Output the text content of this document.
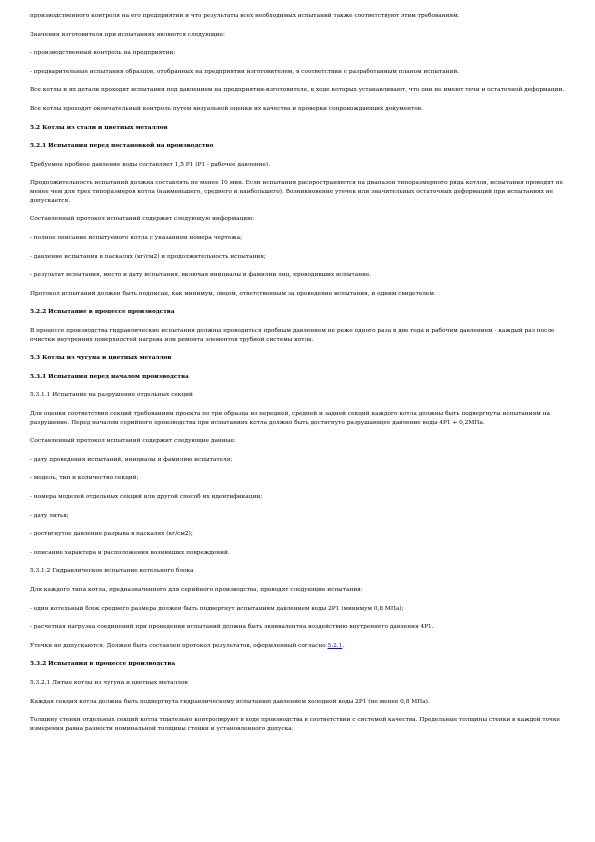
производственного контроля на его предприятии и что результаты всех необходимых испытаний также соответствуют этим требованиям.

Значения изготовителя при испытаниях являются следующие:

- производственный контроль на предприятии;

- предварительные испытания образцов, отобранных на предприятии изготовителем, в соответствии с разработанным планом испытаний.

Все котлы и их детали проходят испытания под давлением на предприятии-изготовителе, в ходе которых устанавливают, что они не имеют течи и остаточной деформации.

Все котлы проходят окончательный контроль путем визуальной оценки их качества и проверки сопровождающих документов.

5.2 Котлы из стали и цветных металлов

5.2.1 Испытания перед постановкой на производство

Требуемое пробное давление воды составляет 1,5 P1 (P1 - рабочее давление).

Продолжительность испытаний должна составлять не менее 10 мин. Если испытания распространяются на диапазон типоразмерного ряда котлов, испытания проводят не менее чем для трех типоразмеров котла (наименьшего, среднего и наибольшего). Возникновение утечек или значительных остаточных деформаций при испытаниях не допускается.

Составленный протокол испытаний содержит следующую информацию:

- полное описание испытуемого котла с указанием номера чертежа;

- давление испытания в паскалях (кг/см2) и продолжительность испытания;

- результат испытания, место и дату испытания, включая инициалы и фамилии лиц, проводивших испытание.

Протокол испытаний должен быть подписан, как минимум, лицом, ответственным за проведение испытания, и одним свидетелем.

5.2.2 Испытание в процессе производства

В процессе производства гидравлические испытания должны проводиться пробным давлением не реже одного раза в две года и рабочим давлением - каждый раз после очистки внутренних поверхностей нагрева или ремонта элементов трубной системы котла.

5.3 Котлы из чугуна и цветных металлов

5.3.1 Испытания перед началом производства

5.3.1.1 Испытание на разрушение отдельных секций

Для оценки соответствия секций требованиям проекта по три образца из передней, средней и задней секций каждого котла должны быть подвергнуты испытаниям на разрушение. Перед началом серийного производства при испытаниях котла должно быть достигнуто разрушающее давление воды 4P1 + 0,2МПа.

Составленный протокол испытаний содержит следующие данные:

- дату проведения испытаний, инициалы и фамилию испытателя;

- модель, тип и количество секций;

- номера моделей отдельных секций или другой способ их идентификации;

- дату литья;

- достигнутое давление разрыва в паскалях (кг/см2);

- описание характера и расположения возникших повреждений.

5.3.1.2 Гидравлическое испытание котельного блока

Для каждого типа котла, предназначенного для серийного производства, проводят следующие испытания:

- один котельный блок среднего размера должен быть подвергнут испытаниям давлением воды 2P1 (минимум 0,8 МПа);

- расчетная нагрузка соединений при проведении испытаний должна быть эквивалентна воздействию внутреннего давления 4P1.

Утечки не допускаются. Должен быть составлен протокол результатов, оформленный согласно 5.2.1.

5.3.2 Испытания в процессе производства

5.3.2.1 Литые котлы из чугуна и цветных металлов

Каждая секция котла должна быть подвергнута гидравлическому испытанию давлением холодной воды 2P1 (не менее 0,8 МПа).

Толщину стенки отдельных секций котла тщательно контролируют в ходе производства в соответствии с системой качества. Предельные толщины стенки в каждой точке измерения равна разности номинальной толщины стенки и установленного допуска.
